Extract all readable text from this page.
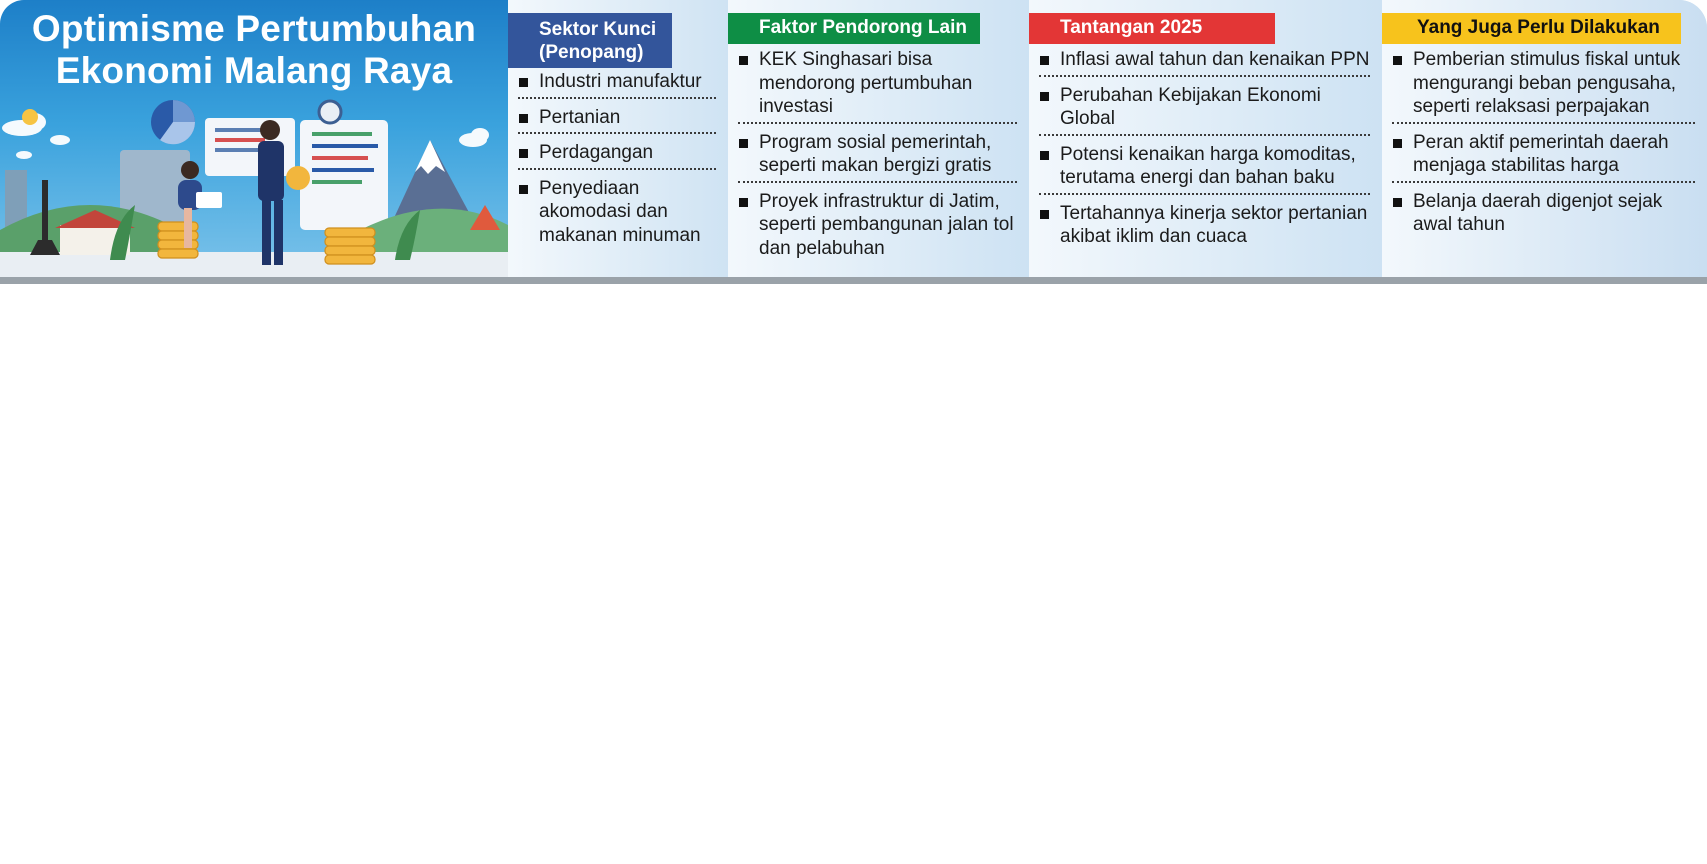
Optimisme Pertumbuhan
Ekonomi Malang Raya
Sektor Kunci (Penopang)
Industri manufaktur
Pertanian
Perdagangan
Penyediaan akomodasi dan makanan minuman
Faktor Pendorong Lain
KEK Singhasari bisa mendorong pertumbuhan investasi
Program sosial pemerintah, seperti makan bergizi gratis
Proyek infrastruktur di Jatim, seperti pembangunan jalan tol dan pelabuhan
Tantangan 2025
Inflasi awal tahun dan kenaikan PPN
Perubahan Kebijakan Ekonomi Global
Potensi kenaikan harga komoditas, terutama energi dan bahan baku
Tertahannya kinerja sektor pertanian akibat iklim dan cuaca
Yang Juga Perlu Dilakukan
Pemberian stimulus fiskal untuk mengurangi beban pengusaha, seperti relaksasi perpajakan
Peran aktif pemerintah daerah menjaga stabilitas harga
Belanja daerah digenjot sejak awal tahun
